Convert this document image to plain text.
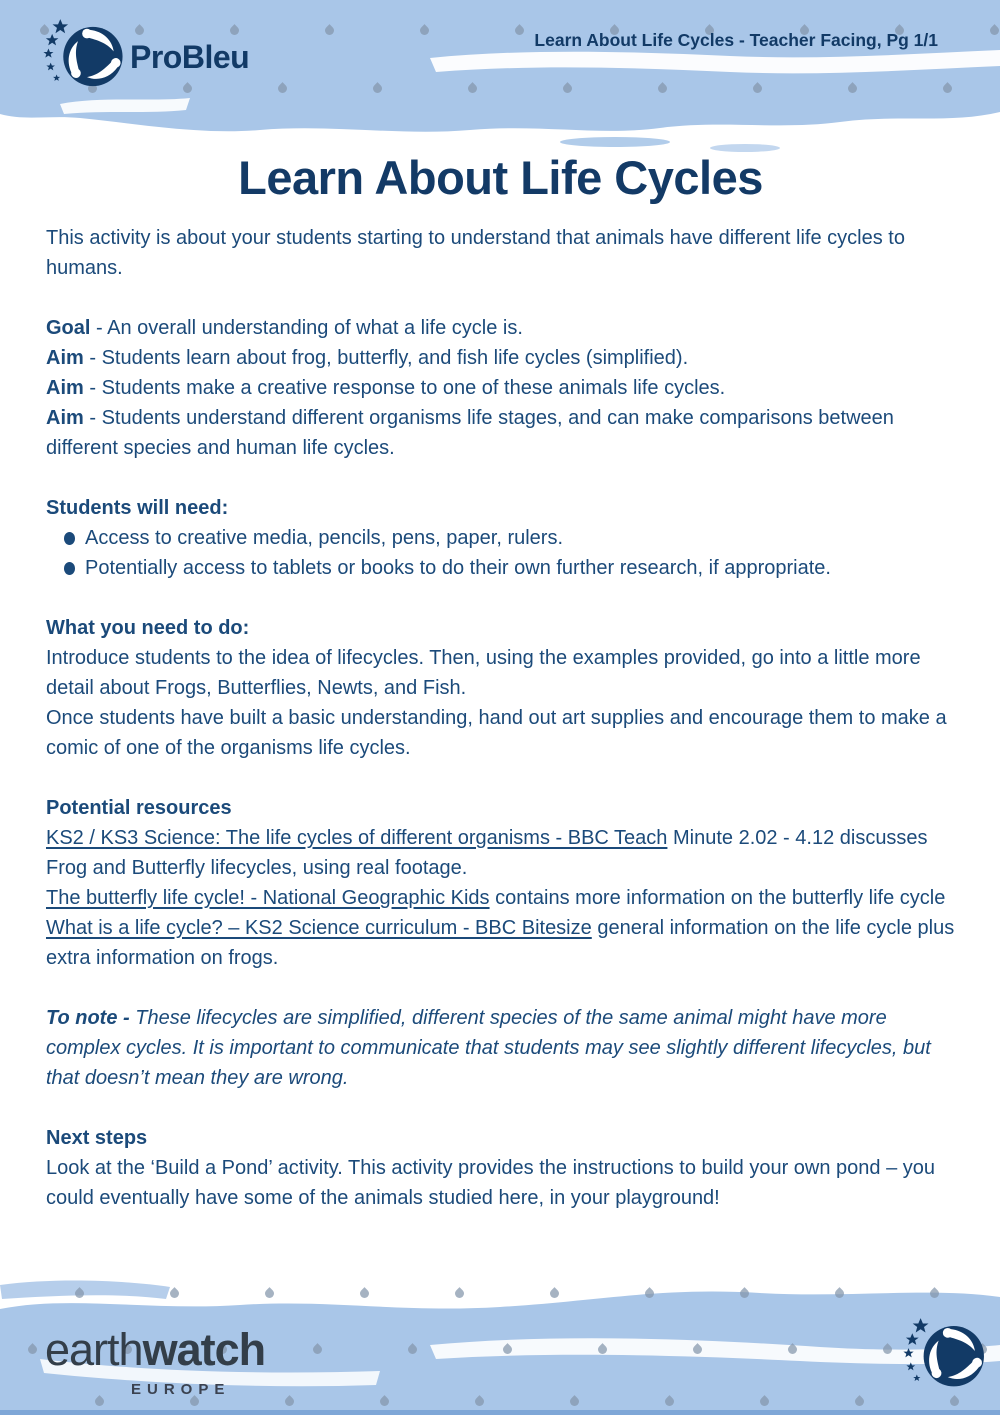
ProBleu	Learn About Life Cycles - Teacher Facing, Pg 1/1
Learn About Life Cycles

This activity is about your students starting to understand that animals have different life cycles to humans.

Goal - An overall understanding of what a life cycle is.

Aim - Students learn about frog, butterfly, and fish life cycles (simplified).

Aim - Students make a creative response to one of these animals life cycles.

Aim - Students understand different organisms life stages, and can make comparisons between different species and human life cycles.

Students will need:

Access to creative media, pencils, pens, paper, rulers.
Potentially access to tablets or books to do their own further research, if appropriate.

What you need to do:

Introduce students to the idea of lifecycles. Then, using the examples provided, go into a little more detail about Frogs, Butterflies, Newts, and Fish.

Once students have built a basic understanding, hand out art supplies and encourage them to make a comic of one of the organisms life cycles.

Potential resources

KS2 / KS3 Science: The life cycles of different organisms - BBC Teach Minute 2.02 - 4.12 discusses Frog and Butterfly lifecycles, using real footage.

The butterfly life cycle! - National Geographic Kids contains more information on the butterfly life cycle

What is a life cycle? – KS2 Science curriculum - BBC Bitesize general information on the life cycle plus extra information on frogs.

To note - These lifecycles are simplified, different species of the same animal might have more complex cycles. It is important to communicate that students may see slightly different lifecycles, but that doesn’t mean they are wrong.

Next steps

Look at the ‘Build a Pond’ activity. This activity provides the instructions to build your own pond – you could eventually have some of the animals studied here, in your playground!

earthwatch
EUROPE
